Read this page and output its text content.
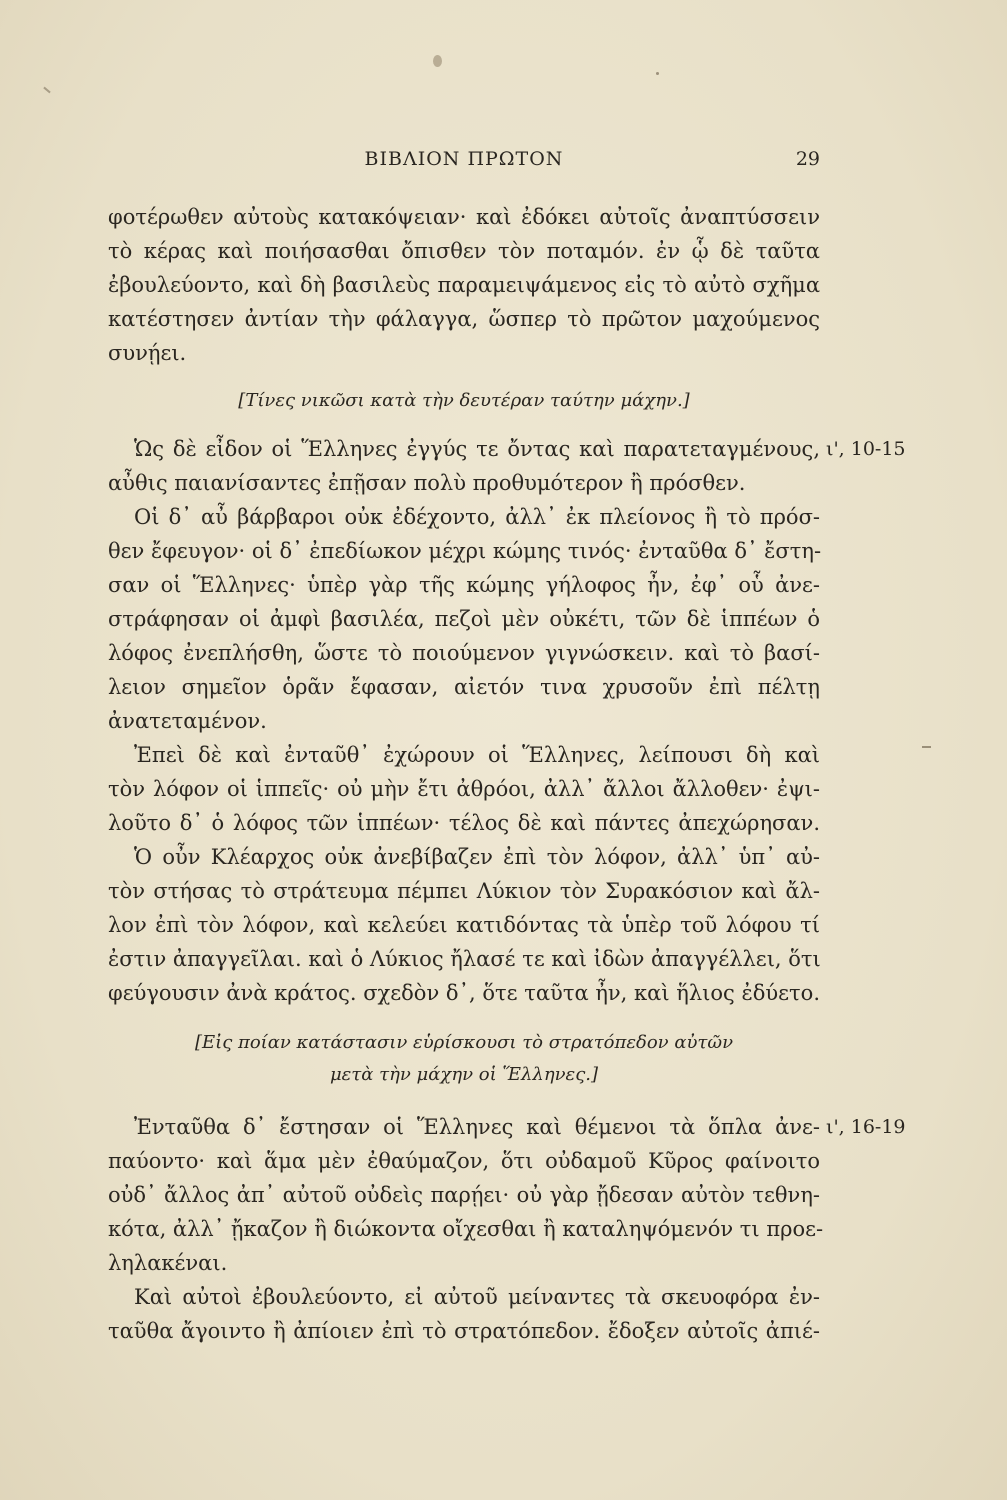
ΒΙΒΛΙΟΝ ΠΡΩΤΟΝ	29
φοτέρωθεν αὐτοὺς κατακόψειαν· καὶ ἐδόκει αὐτοῖς ἀναπτύσσειν
τὸ κέρας καὶ ποιήσασθαι ὄπισθεν τὸν ποταμόν. ἐν ᾧ δὲ ταῦτα
ἐβουλεύοντο, καὶ δὴ βασιλεὺς παραμειψάμενος εἰς τὸ αὐτὸ σχῆμα
κατέστησεν ἀντίαν τὴν φάλαγγα, ὥσπερ τὸ πρῶτον μαχούμενος
συνῄει.
[Τίνες νικῶσι κατὰ τὴν δευτέραν ταύτην μάχην.]
Ὡς δὲ εἶδον οἱ Ἕλληνες ἐγγύς τε ὄντας καὶ παρατεταγμένους, ι', 10-15
αὖθις παιανίσαντες ἐπῇσαν πολὺ προθυμότερον ἢ πρόσθεν.
Οἱ δ᾽ αὖ βάρβαροι οὐκ ἐδέχοντο, ἀλλ᾽ ἐκ πλείονος ἢ τὸ πρόσ-
θεν ἔφευγον· οἱ δ᾽ ἐπεδίωκον μέχρι κώμης τινός· ἐνταῦθα δ᾽ ἔστη-
σαν οἱ Ἕλληνες· ὑπὲρ γὰρ τῆς κώμης γήλοφος ἦν, ἐφ᾽ οὗ ἀνε-
στράφησαν οἱ ἀμφὶ βασιλέα, πεζοὶ μὲν οὐκέτι, τῶν δὲ ἱππέων ὁ
λόφος ἐνεπλήσθη, ὥστε τὸ ποιούμενον γιγνώσκειν. καὶ τὸ βασί-
λειον σημεῖον ὁρᾶν ἔφασαν, αἰετόν τινα χρυσοῦν ἐπὶ πέλτῃ
ἀνατεταμένον.
Ἐπεὶ δὲ καὶ ἐνταῦθ᾽ ἐχώρουν οἱ Ἕλληνες, λείπουσι δὴ καὶ
τὸν λόφον οἱ ἱππεῖς· οὐ μὴν ἔτι ἀθρόοι, ἀλλ᾽ ἄλλοι ἄλλοθεν· ἐψι-
λοῦτο δ᾽ ὁ λόφος τῶν ἱππέων· τέλος δὲ καὶ πάντες ἀπεχώρησαν.
Ὁ οὖν Κλέαρχος οὐκ ἀνεβίβαζεν ἐπὶ τὸν λόφον, ἀλλ᾽ ὑπ᾽ αὐ-
τὸν στήσας τὸ στράτευμα πέμπει Λύκιον τὸν Συρακόσιον καὶ ἄλ-
λον ἐπὶ τὸν λόφον, καὶ κελεύει κατιδόντας τὰ ὑπὲρ τοῦ λόφου τί
ἐστιν ἀπαγγεῖλαι. καὶ ὁ Λύκιος ἤλασέ τε καὶ ἰδὼν ἀπαγγέλλει, ὅτι
φεύγουσιν ἀνὰ κράτος. σχεδὸν δ᾽, ὅτε ταῦτα ἦν, καὶ ἥλιος ἐδύετο.
[Εἰς ποίαν κατάστασιν εὑρίσκουσι τὸ στρατόπεδον αὐτῶν
μετὰ τὴν μάχην οἱ Ἕλληνες.]
Ἐνταῦθα δ᾽ ἔστησαν οἱ Ἕλληνες καὶ θέμενοι τὰ ὅπλα ἀνε- ι', 16-19
παύοντο· καὶ ἅμα μὲν ἐθαύμαζον, ὅτι οὐδαμοῦ Κῦρος φαίνοιτο
οὐδ᾽ ἄλλος ἀπ᾽ αὐτοῦ οὐδεὶς παρῄει· οὐ γὰρ ᾔδεσαν αὐτὸν τεθνη-
κότα, ἀλλ᾽ ᾔκαζον ἢ διώκοντα οἴχεσθαι ἢ καταληψόμενόν τι προε-
ληλακέναι.
Καὶ αὐτοὶ ἐβουλεύοντο, εἰ αὐτοῦ μείναντες τὰ σκευοφόρα ἐν-
ταῦθα ἄγοιντο ἢ ἀπίοιεν ἐπὶ τὸ στρατόπεδον. ἔδοξεν αὐτοῖς ἀπιέ-
